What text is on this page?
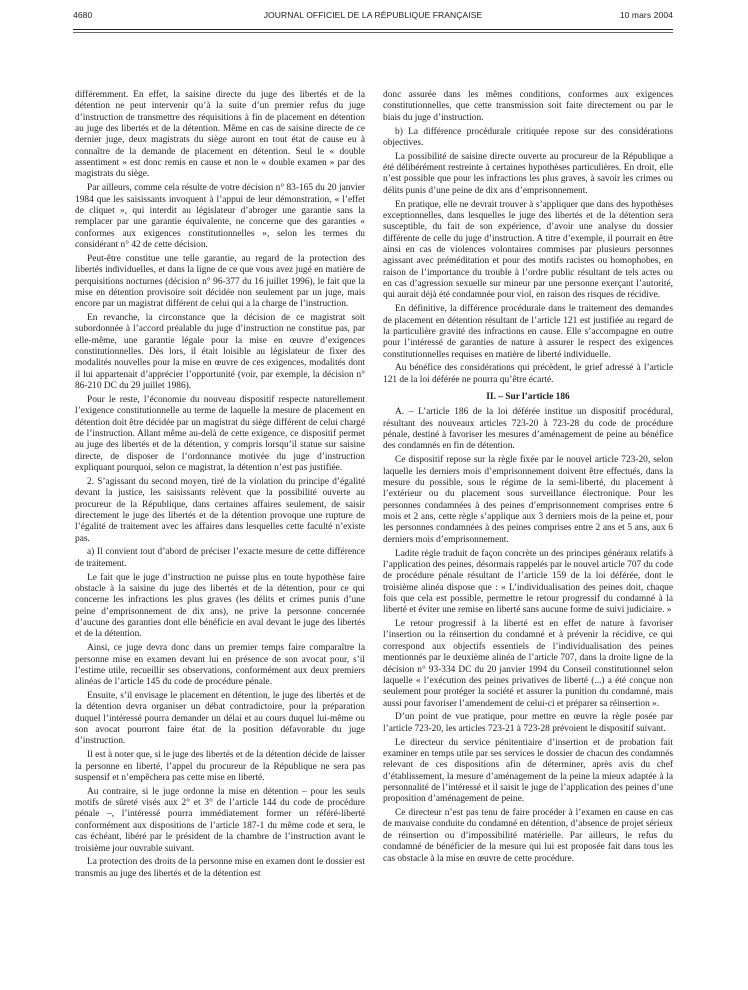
4680	JOURNAL OFFICIEL DE LA RÉPUBLIQUE FRANÇAISE	10 mars 2004

différemment. En effet, la saisine directe du juge des libertés et de la détention ne peut intervenir qu’à la suite d’un premier refus du juge d’instruction de transmettre des réquisitions à fin de placement en détention au juge des libertés et de la détention. Même en cas de saisine directe de ce dernier juge, deux magistrats du siège auront en tout état de cause eu à connaître de la demande de placement en détention. Seul le « double assentiment » est donc remis en cause et non le « double examen » par des magistrats du siège.

Par ailleurs, comme cela résulte de votre décision n° 83-165 du 20 janvier 1984 que les saisissants invoquent à l’appui de leur démonstration, « l’effet de cliquet », qui interdit au législateur d’abroger une garantie sans la remplacer par une garantie équivalente, ne concerne que des garanties « conformes aux exigences constitutionnelles », selon les termes du considérant n° 42 de cette décision.

Peut-être constitue une telle garantie, au regard de la protection des libertés individuelles, et dans la ligne de ce que vous avez jugé en matière de perquisitions nocturnes (décision n° 96-377 du 16 juillet 1996), le fait que la mise en détention provisoire soit décidée non seulement par un juge, mais encore par un magistrat différent de celui qui a la charge de l’instruction.

En revanche, la circonstance que la décision de ce magistrat soit subordonnée à l’accord préalable du juge d’instruction ne constitue pas, par elle-même, une garantie légale pour la mise en œuvre d’exigences constitutionnelles. Dès lors, il était loisible au législateur de fixer des modalités nouvelles pour la mise en œuvre de ces exigences, modalités dont il lui appartenait d’apprécier l’opportunité (voir, par exemple, la décision n° 86-210 DC du 29 juillet 1986).

Pour le reste, l’économie du nouveau dispositif respecte naturellement l’exigence constitutionnelle au terme de laquelle la mesure de placement en détention doit être décidée par un magistrat du siège différent de celui chargé de l’instruction. Allant même au-delà de cette exigence, ce dispositif permet au juge des libertés et de la détention, y compris lorsqu’il statue sur saisine directe, de disposer de l’ordonnance motivée du juge d’instruction expliquant pourquoi, selon ce magistrat, la détention n’est pas justifiée.

2. S’agissant du second moyen, tiré de la violation du principe d’égalité devant la justice, les saisissants relèvent que la possibilité ouverte au procureur de la République, dans certaines affaires seulement, de saisir directement le juge des libertés et de la détention provoque une rupture de l’égalité de traitement avec les affaires dans lesquelles cette faculté n’existe pas.

a) Il convient tout d’abord de préciser l’exacte mesure de cette différence de traitement.

Le fait que le juge d’instruction ne puisse plus en toute hypothèse faire obstacle à la saisine du juge des libertés et de la détention, pour ce qui concerne les infractions les plus graves (les délits et crimes punis d’une peine d’emprisonnement de dix ans), ne prive la personne concernée d’aucune des garanties dont elle bénéficie en aval devant le juge des libertés et de la détention.

Ainsi, ce juge devra donc dans un premier temps faire comparaître la personne mise en examen devant lui en présence de son avocat pour, s’il l’estime utile, recueillir ses observations, conformément aux deux premiers alinéas de l’article 145 du code de procédure pénale.

Ensuite, s’il envisage le placement en détention, le juge des libertés et de la détention devra organiser un débat contradictoire, pour la préparation duquel l’intéressé pourra demander un délai et au cours duquel lui-même ou son avocat pourront faire état de la position défavorable du juge d’instruction.

Il est à noter que, si le juge des libertés et de la détention décide de laisser la personne en liberté, l’appel du procureur de la République ne sera pas suspensif et n’empêchera pas cette mise en liberté.

Au contraire, si le juge ordonne la mise en détention – pour les seuls motifs de sûreté visés aux 2° et 3° de l’article 144 du code de procédure pénale –, l’intéressé pourra immédiatement former un référé-liberté conformément aux dispositions de l’article 187-1 du même code et sera, le cas échéant, libéré par le président de la chambre de l’instruction avant le troisième jour ouvrable suivant.

La protection des droits de la personne mise en examen dont le dossier est transmis au juge des libertés et de la détention est

donc assurée dans les mêmes conditions, conformes aux exigences constitutionnelles, que cette transmission soit faite directement ou par le biais du juge d’instruction.

b) La différence procédurale critiquée repose sur des considérations objectives.

La possibilité de saisine directe ouverte au procureur de la République a été délibérément restreinte à certaines hypothèses particulières. En droit, elle n’est possible que pour les infractions les plus graves, à savoir les crimes ou délits punis d’une peine de dix ans d’emprisonnement.

En pratique, elle ne devrait trouver à s’appliquer que dans des hypothèses exceptionnelles, dans lesquelles le juge des libertés et de la détention sera susceptible, du fait de son expérience, d’avoir une analyse du dossier différente de celle du juge d’instruction. A titre d’exemple, il pourrait en être ainsi en cas de violences volontaires commises par plusieurs personnes agissant avec préméditation et pour des motifs racistes ou homophobes, en raison de l’importance du trouble à l’ordre public résultant de tels actes ou en cas d’agression sexuelle sur mineur par une personne exerçant l’autorité, qui aurait déjà été condamnée pour viol, en raison des risques de récidive.

En définitive, la différence procédurale dans le traitement des demandes de placement en détention résultant de l’article 121 est justifiée au regard de la particulière gravité des infractions en cause. Elle s’accompagne en outre pour l’intéressé de garanties de nature à assurer le respect des exigences constitutionnelles requises en matière de liberté individuelle.

Au bénéfice des considérations qui précèdent, le grief adressé à l’article 121 de la loi déférée ne pourra qu’être écarté.

II. – Sur l’article 186

A. – L’article 186 de la loi déférée institue un dispositif procédural, résultant des nouveaux articles 723-20 à 723-28 du code de procédure pénale, destiné à favoriser les mesures d’aménagement de peine au bénéfice des condamnés en fin de détention.

Ce dispositif repose sur la règle fixée par le nouvel article 723-20, selon laquelle les derniers mois d’emprisonnement doivent être effectués, dans la mesure du possible, sous le régime de la semi-liberté, du placement à l’extérieur ou du placement sous surveillance électronique. Pour les personnes condamnées à des peines d’emprisonnement comprises entre 6 mois et 2 ans, cette règle s’applique aux 3 derniers mois de la peine et, pour les personnes condamnées à des peines comprises entre 2 ans et 5 ans, aux 6 derniers mois d’emprisonnement.

Ladite règle traduit de façon concrète un des principes généraux relatifs à l’application des peines, désormais rappelés par le nouvel article 707 du code de procédure pénale résultant de l’article 159 de la loi déférée, dont le troisième alinéa dispose que : « L’individualisation des peines doit, chaque fois que cela est possible, permettre le retour progressif du condamné à la liberté et éviter une remise en liberté sans aucune forme de suivi judiciaire. »

Le retour progressif à la liberté est en effet de nature à favoriser l’insertion ou la réinsertion du condamné et à prévenir la récidive, ce qui correspond aux objectifs essentiels de l’individualisation des peines mentionnés par le deuxième alinéa de l’article 707, dans la droite ligne de la décision n° 93-334 DC du 20 janvier 1994 du Conseil constitutionnel selon laquelle « l’exécution des peines privatives de liberté (...) a été conçue non seulement pour protéger la société et assurer la punition du condamné, mais aussi pour favoriser l’amendement de celui-ci et préparer sa réinsertion ».

D’un point de vue pratique, pour mettre en œuvre la règle posée par l’article 723-20, les articles 723-21 à 723-28 prévoient le dispositif suivant.

Le directeur du service pénitentiaire d’insertion et de probation fait examiner en temps utile par ses services le dossier de chacun des condamnés relevant de ces dispositions afin de déterminer, après avis du chef d’établissement, la mesure d’aménagement de la peine la mieux adaptée à la personnalité de l’intéressé et il saisit le juge de l’application des peines d’une proposition d’aménagement de peine.

Ce directeur n’est pas tenu de faire procéder à l’examen en cause en cas de mauvaise conduite du condamné en détention, d’absence de projet sérieux de réinsertion ou d’impossibilité matérielle. Par ailleurs, le refus du condamné de bénéficier de la mesure qui lui est proposée fait dans tous les cas obstacle à la mise en œuvre de cette procédure.
